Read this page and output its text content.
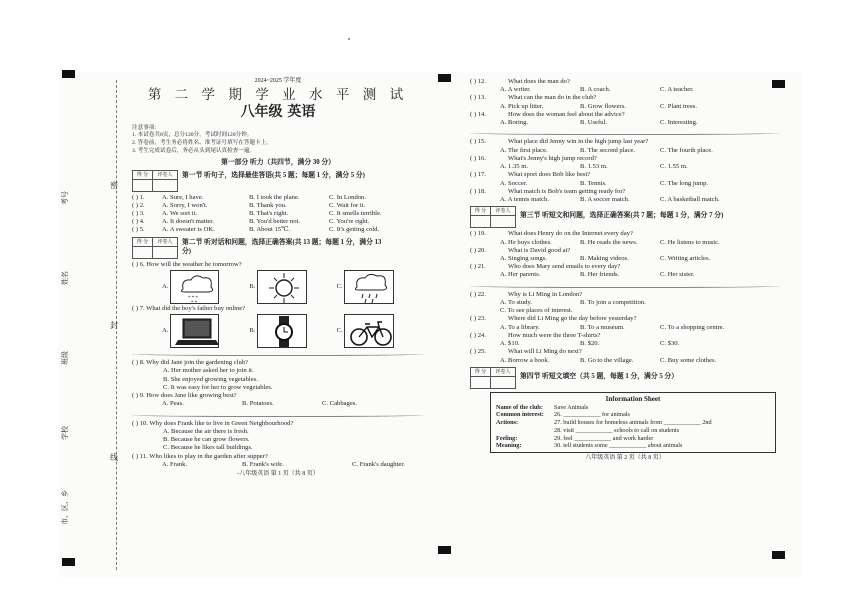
考号
姓名
班级
学校
市、区、乡
密
封
线
2024~2025 学年度
第 二 学 期 学 业 水 平 测 试
八年级 英语
注意事项：
1. 本试卷共8页，总分120分，考试时间120分钟。
2. 答卷前，考生务必将姓名、准考证号填写在答题卡上。
3. 考生完成试卷后，务必从头到尾认真检查一遍。
第一部分 听力（共四节，满分 30 分）
得 分	评卷人	第一节 听句子，选择最佳答语(共 5 题；每题 1 分，满分 5 分)
( ) 1.	A. Sure, I have.	B. I took the plane.	C. In London.
( ) 2.	A. Sorry, I won't.	B. Thank you.	C. Wait for it.
( ) 3.	A. We sort it.	B. That's right.	C. It smells terrible.
( ) 4.	A. It doesn't matter.	B. You'd better not.	C. You're right.
( ) 5.	A. A sweater is OK.	B. About 15℃.	C. It's getting cold.
得 分	评卷人	第二节 听对话和问题，选择正确答案(共 13 题；每题 1 分，满分 13 分)
( ) 6. How will the weather be tomorrow?
A.
* * *
* *
B.	C.
( ) 7. What did the boy's father buy online?
A.	B.	C.
( ) 8. Why did Jane join the gardening club?
A. Her mother asked her to join it.
B. She enjoyed growing vegetables.
C. It was easy for her to grow vegetables.
( ) 9. How does Jane like growing best?
A. Peas.	B. Potatoes.	C. Cabbages.
( ) 10. Why does Frank like to live in Green Neighbourhood?
A. Because the air there is fresh.
B. Because he can grow flowers.
C. Because he likes tall buildings.
( ) 11. Who likes to play in the garden after supper?
A. Frank.	B. Frank's wife.	C. Frank's daughter.
-八年级英语 第 1 页（共 8 页）
( ) 12.	What does the man do?
A. A writer.	B. A coach.	C. A teacher.
( ) 13.	What can the man do in the club?
A. Pick up litter.	B. Grow flowers.	C. Plant trees.
( ) 14.	How does the woman feel about the advice?
A. Boring.	B. Useful.	C. Interesting.
( ) 15.	What place did Jenny win in the high jump last year?
A. The first place.	B. The second place.	C. The fourth place.
( ) 16.	What's Jenny's high jump record?
A. 1.35 m.	B. 1.53 m.	C. 1.55 m.
( ) 17.	What sport does Bob like best?
A. Soccer.	B. Tennis.	C. The long jump.
( ) 18.	What match is Bob's team getting ready for?
A. A tennis match.	B. A soccer match.	C. A basketball match.
得 分	评卷人
第三节 听短文和问题，选择正确答案(共 7 题；每题 1 分，满分 7 分)
( ) 19.	What does Henry do on the Internet every day?
A. He buys clothes.	B. He reads the news.	C. He listens to music.
( ) 20.	What is David good at?
A. Singing songs.	B. Making videos.	C. Writing articles.
( ) 21.	Who does Mary send emails to every day?
A. Her parents.	B. Her friends.	C. Her sister.
( ) 22.	Why is Li Ming in London?
A. To study.	B. To join a competition.
C. To see places of interest.
( ) 23.	Where did Li Ming go the day before yesterday?
A. To a library.	B. To a museum.	C. To a shopping centre.
( ) 24.	How much were the three T-shirts?
A. $10.	B. $20.	C. $30.
( ) 25.	What will Li Ming do next?
A. Borrow a book.	B. Go to the village.	C. Buy some clothes.
得 分	评卷人
第四节 听短文填空（共 5 题，每题 1 分，满分 5 分）
Information Sheet
Name of the club:	Save Animals
Common interest:	26. ____________ for animals
Actions:	27. build houses for homeless animals from ____________ 2nd
28. visit ____________ schools to call on students
Feeling:	29. feel ____________ and work harder
Meaning:	30. tell students some ____________ about animals
八年级英语 第 2 页（共 8 页）
